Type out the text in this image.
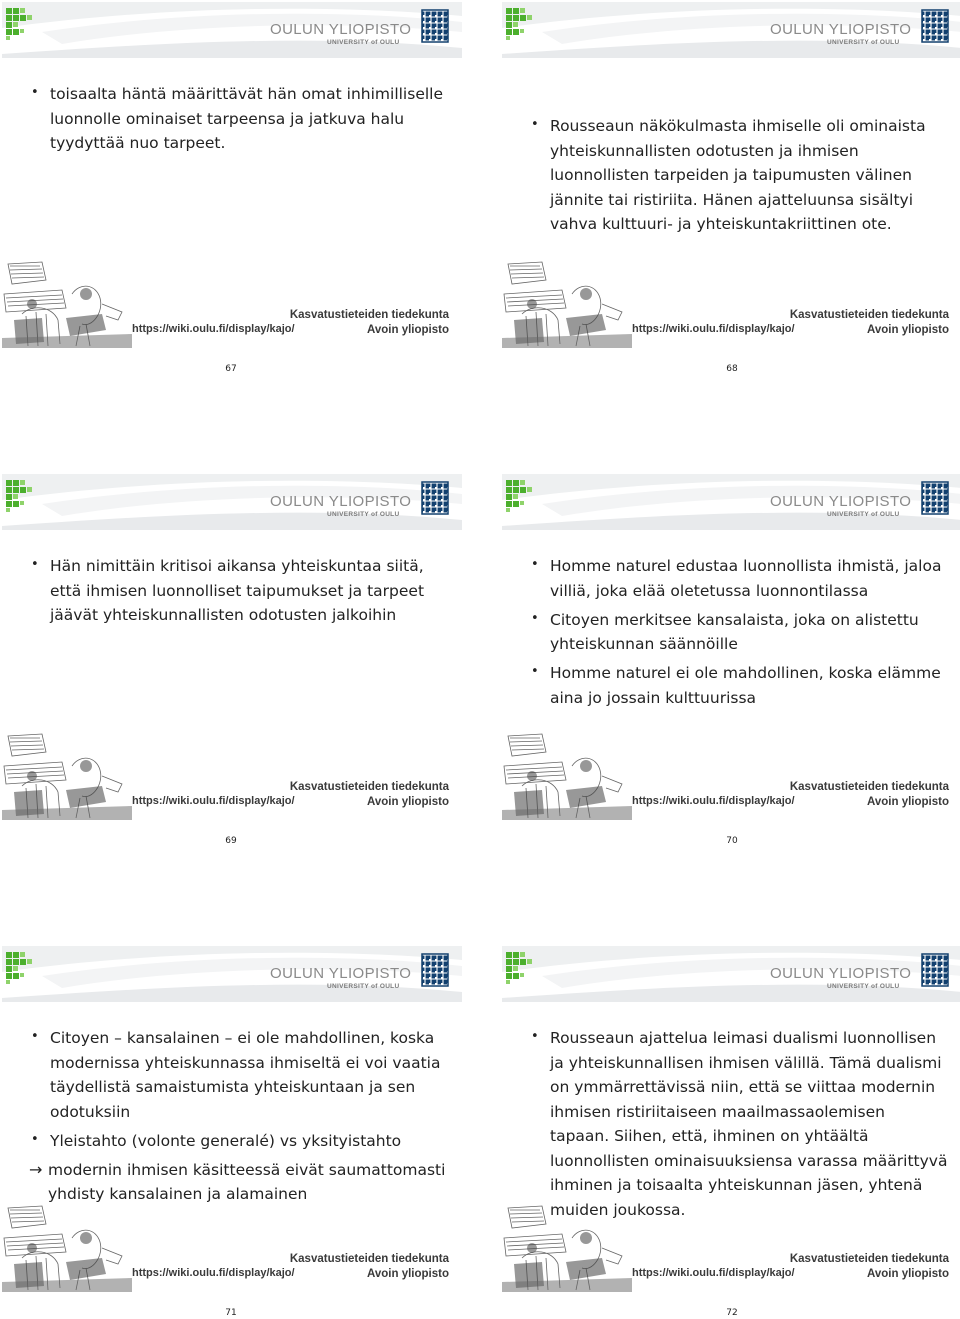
OULUN YLIOPISTO
UNIVERSITY of OULU
• toisaalta häntä määrittävät hän omat inhimilliselle luonnolle ominaiset tarpeensa ja jatkuva halu tyydyttää nuo tarpeet.
https://wiki.oulu.fi/display/kajo/
Kasvatustieteiden tiedekunta
Avoin yliopisto
67
OULUN YLIOPISTO
UNIVERSITY of OULU
• Rousseaun näkökulmasta ihmiselle oli ominaista yhteiskunnallisten odotusten ja ihmisen luonnollisten tarpeiden ja taipumusten välinen jännite tai ristiriita. Hänen ajatteluunsa sisältyi vahva kulttuuri- ja yhteiskuntakriittinen ote.
https://wiki.oulu.fi/display/kajo/
Kasvatustieteiden tiedekunta
Avoin yliopisto
68
OULUN YLIOPISTO
UNIVERSITY of OULU
• Hän nimittäin kritisoi aikansa yhteiskuntaa siitä, että ihmisen luonnolliset taipumukset ja tarpeet jäävät yhteiskunnallisten odotusten jalkoihin
https://wiki.oulu.fi/display/kajo/
Kasvatustieteiden tiedekunta
Avoin yliopisto
69
OULUN YLIOPISTO
UNIVERSITY of OULU
• Homme naturel edustaa luonnollista ihmistä, jaloa villiä, joka elää oletetussa luonnontilassa
• Citoyen merkitsee kansalaista, joka on alistettu yhteiskunnan säännöille
• Homme naturel ei ole mahdollinen, koska elämme aina jo jossain kulttuurissa
https://wiki.oulu.fi/display/kajo/
Kasvatustieteiden tiedekunta
Avoin yliopisto
70
OULUN YLIOPISTO
UNIVERSITY of OULU
https://wiki.oulu.fi/display/kajo/
Kasvatustieteiden tiedekunta
Avoin yliopisto
• Citoyen – kansalainen – ei ole mahdollinen, koska modernissa yhteiskunnassa ihmiseltä ei voi vaatia täydellistä samaistumista yhteiskuntaan ja sen odotuksiin
• Yleistahto (volonte generalé) vs yksityistahto
→ modernin ihmisen käsitteessä eivät saumattomasti yhdisty kansalainen ja alamainen
71
OULUN YLIOPISTO
UNIVERSITY of OULU
https://wiki.oulu.fi/display/kajo/
Kasvatustieteiden tiedekunta
Avoin yliopisto
• Rousseaun ajattelua leimasi dualismi luonnollisen ja yhteiskunnallisen ihmisen välillä. Tämä dualismi on ymmärrettävissä niin, että se viittaa modernin ihmisen ristiriitaiseen maailmassaolemisen tapaan. Siihen, että, ihminen on yhtäältä luonnollisten ominaisuuksiensa varassa määrittyvä ihminen ja toisaalta yhteiskunnan jäsen, yhtenä muiden joukossa.
72
